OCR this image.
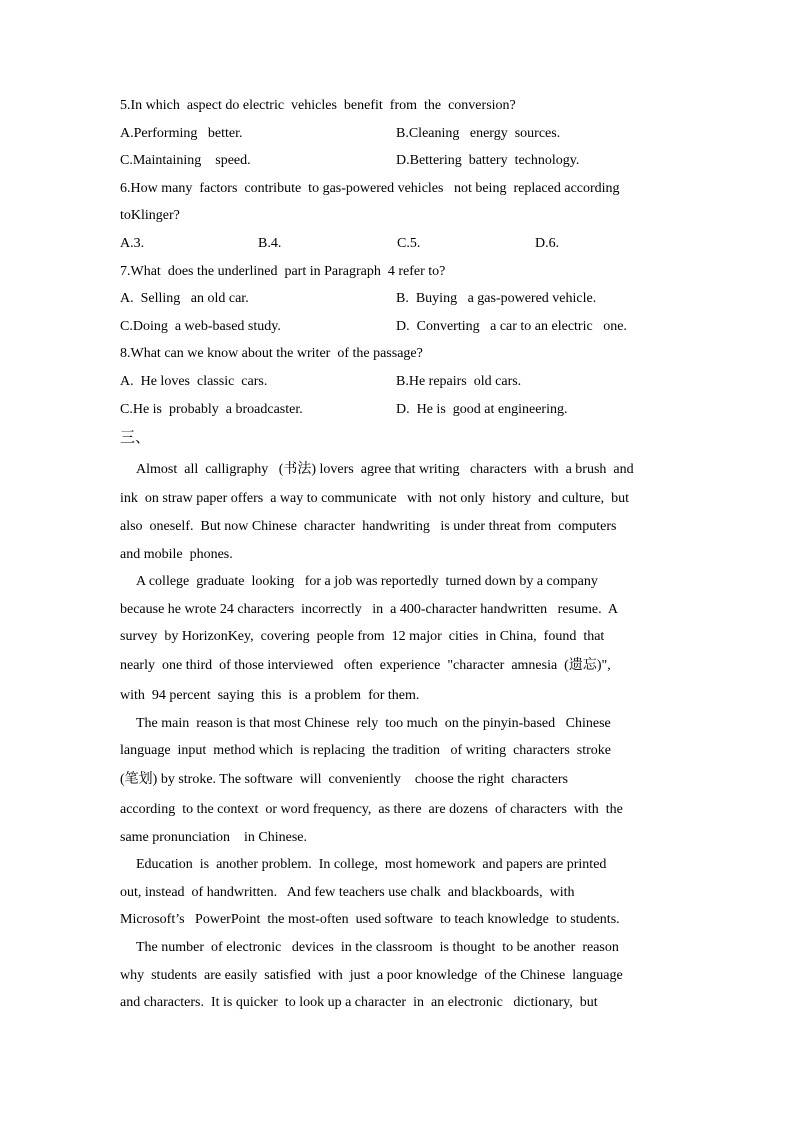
5.In which  aspect do electric  vehicles  benefit  from  the  conversion?
A.Performing   better.	B.Cleaning   energy  sources.
C.Maintaining    speed.	D.Bettering  battery  technology.
6.How many  factors  contribute  to gas-powered vehicles   not being  replaced according
toKlinger?
A.3.	B.4.	C.5.	D.6.
7.What  does the underlined  part in Paragraph  4 refer to?
A.  Selling   an old car.	B.  Buying   a gas-powered vehicle.
C.Doing  a web-based study.	D.  Converting   a car to an electric   one.
8.What can we know about the writer  of the passage?
A.  He loves  classic  cars.	B.He repairs  old cars.
C.He is  probably  a broadcaster.	D.  He is  good at engineering.
三、
Almost  all  calligraphy   (书法) lovers  agree that writing   characters  with  a brush  and
ink  on straw paper offers  a way to communicate   with  not only  history  and culture,  but
also  oneself.  But now Chinese  character  handwriting   is under threat from  computers
and mobile  phones.
A college  graduate  looking   for a job was reportedly  turned down by a company
because he wrote 24 characters  incorrectly   in  a 400-character handwritten   resume.  A
survey  by HorizonKey,  covering  people from  12 major  cities  in China,  found  that
nearly  one third  of those interviewed   often  experience  "character  amnesia  (遗忘)",
with  94 percent  saying  this  is  a problem  for them.
The main  reason is that most Chinese  rely  too much  on the pinyin-based   Chinese
language  input  method which  is replacing  the tradition   of writing  characters  stroke
(笔划) by stroke. The software  will  conveniently    choose the right  characters
according  to the context  or word frequency,  as there  are dozens  of characters  with  the
same pronunciation    in Chinese.
Education  is  another problem.  In college,  most homework  and papers are printed
out, instead  of handwritten.   And few teachers use chalk  and blackboards,  with
Microsoft’s   PowerPoint  the most-often  used software  to teach knowledge  to students.
The number  of electronic   devices  in the classroom  is thought  to be another  reason
why  students  are easily  satisfied  with  just  a poor knowledge  of the Chinese  language
and characters.  It is quicker  to look up a character  in  an electronic   dictionary,  but
